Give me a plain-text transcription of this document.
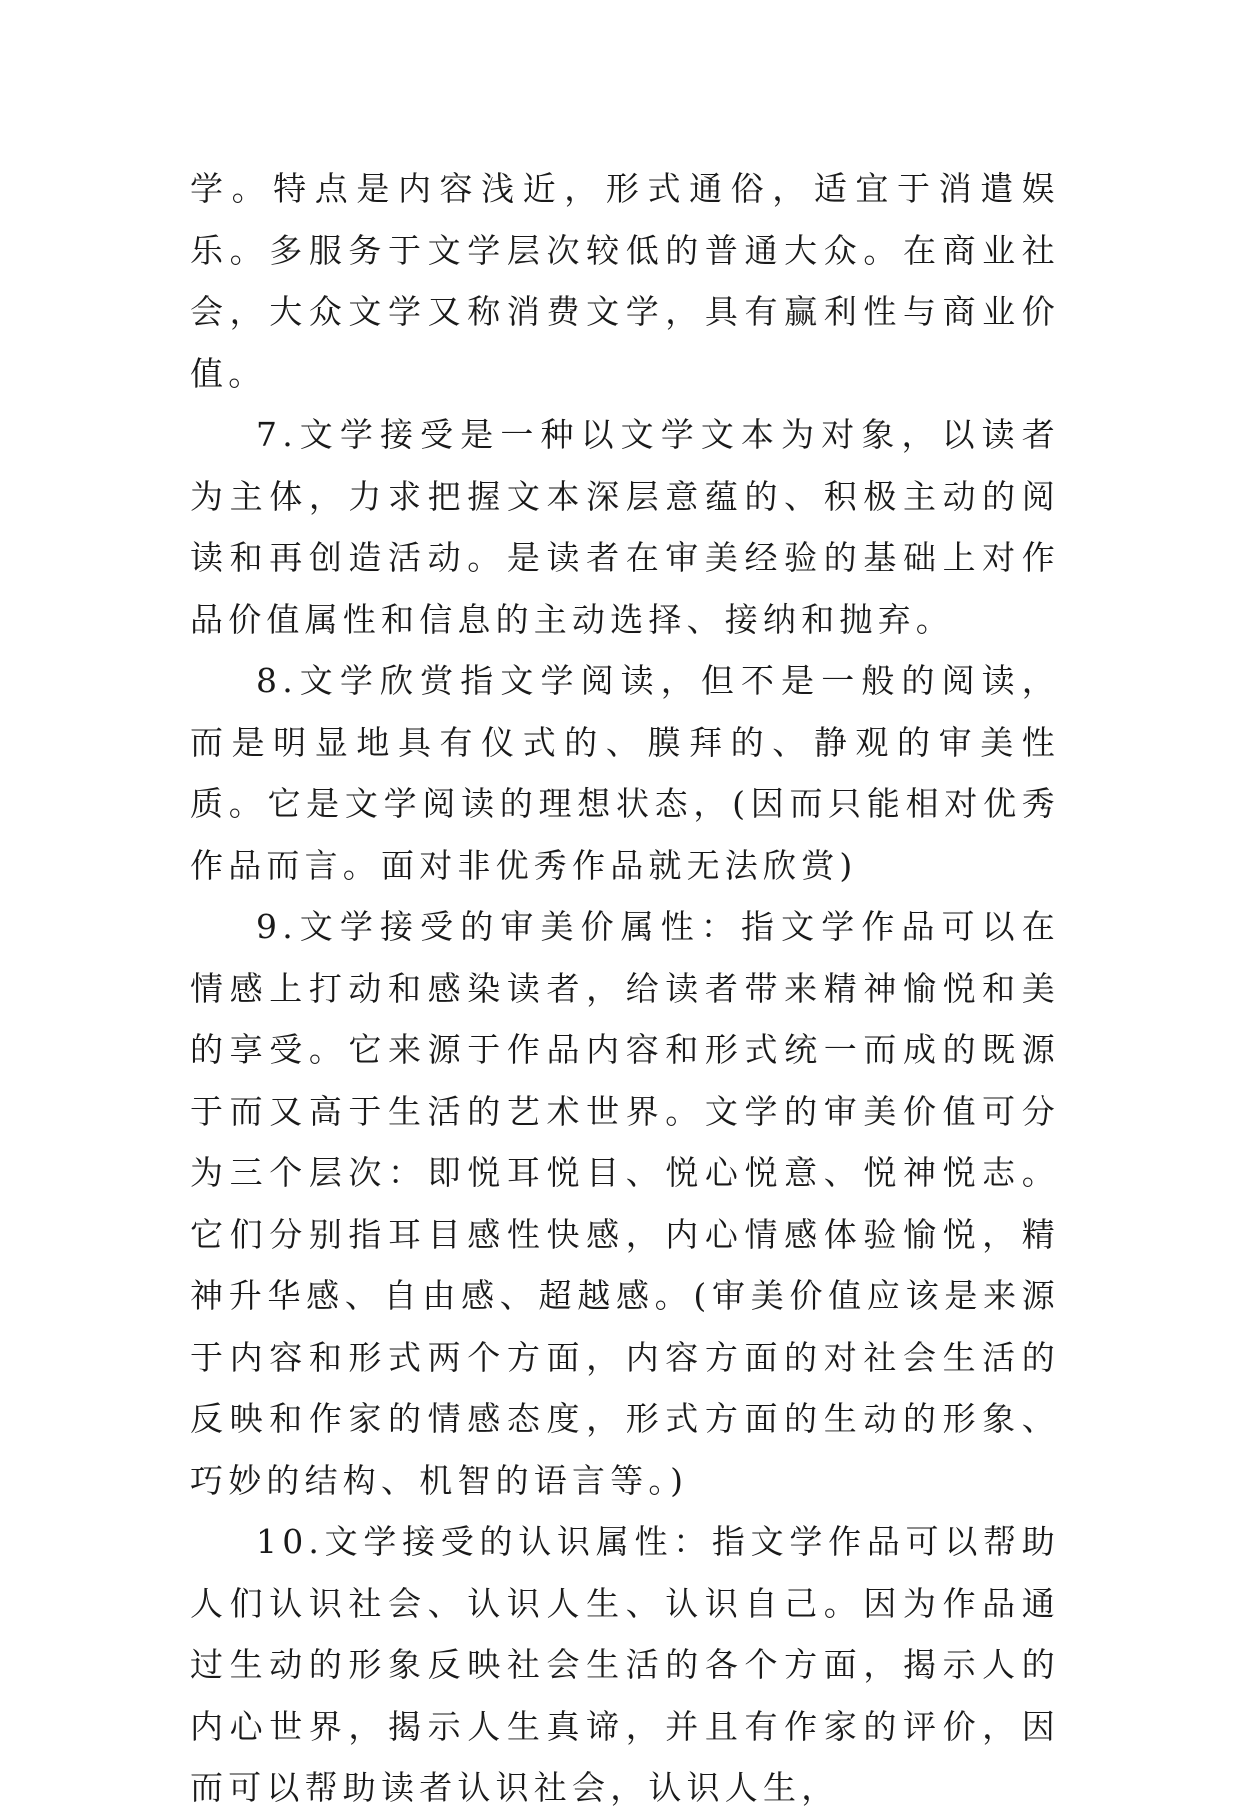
学。特点是内容浅近，形式通俗，适宜于消遣娱乐。多服务于文学层次较低的普通大众。在商业社会，大众文学又称消费文学，具有赢利性与商业价值。

7.文学接受是一种以文学文本为对象，以读者为主体，力求把握文本深层意蕴的、积极主动的阅读和再创造活动。是读者在审美经验的基础上对作品价值属性和信息的主动选择、接纳和抛弃。

8.文学欣赏指文学阅读，但不是一般的阅读，而是明显地具有仪式的、膜拜的、静观的审美性质。它是文学阅读的理想状态，(因而只能相对优秀作品而言。面对非优秀作品就无法欣赏)

9.文学接受的审美价属性：指文学作品可以在情感上打动和感染读者，给读者带来精神愉悦和美的享受。它来源于作品内容和形式统一而成的既源于而又高于生活的艺术世界。文学的审美价值可分为三个层次：即悦耳悦目、悦心悦意、悦神悦志。它们分别指耳目感性快感，内心情感体验愉悦，精神升华感、自由感、超越感。(审美价值应该是来源于内容和形式两个方面，内容方面的对社会生活的反映和作家的情感态度，形式方面的生动的形象、巧妙的结构、机智的语言等。)

10.文学接受的认识属性：指文学作品可以帮助人们认识社会、认识人生、认识自己。因为作品通过生动的形象反映社会生活的各个方面，揭示人的内心世界，揭示人生真谛，并且有作家的评价，因而可以帮助读者认识社会，认识人生，
